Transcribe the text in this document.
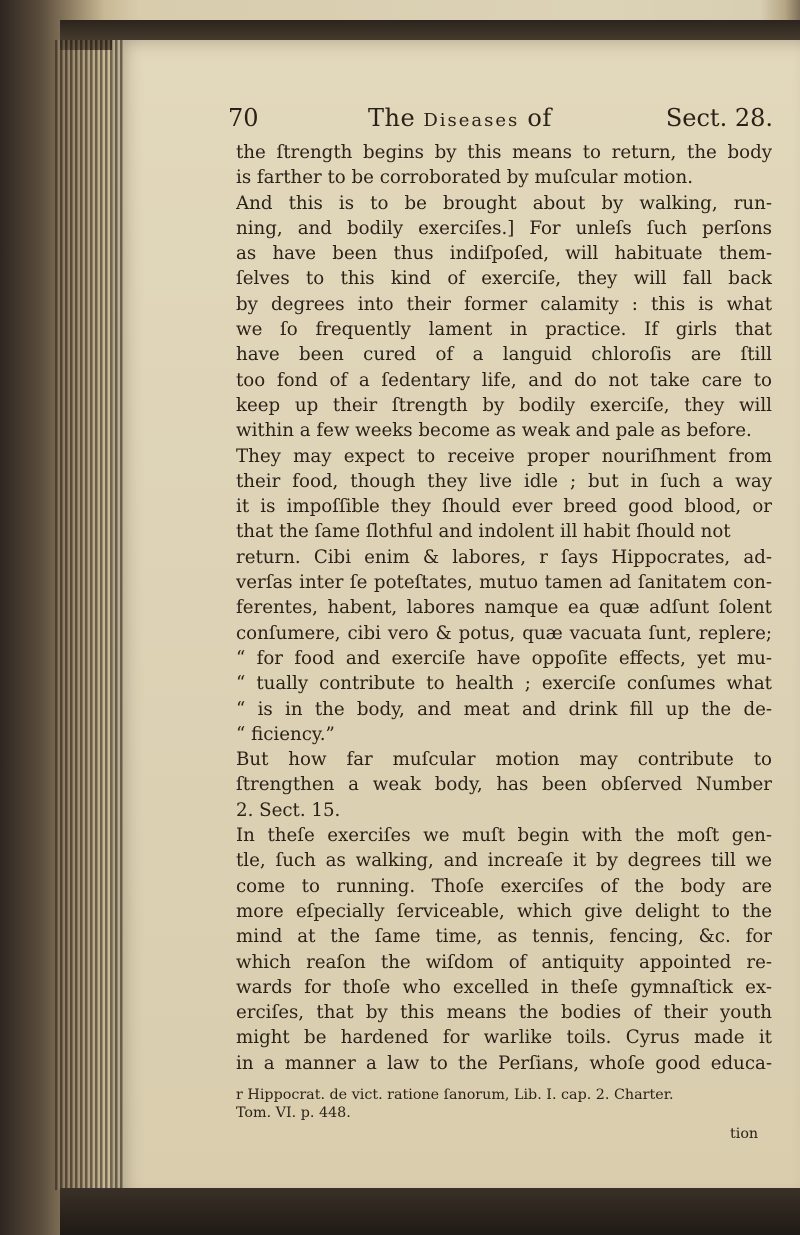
70	The Diseases of	Sect. 28.
the ſtrength begins by this means to return, the body
is farther to be corroborated by muſcular motion.
And this is to be brought about by walking, run-
ning, and bodily exerciſes.] For unleſs ſuch perſons
as have been thus indiſpoſed, will habituate them-
ſelves to this kind of exerciſe, they will fall back
by degrees into their former calamity : this is what
we ſo frequently lament in practice. If girls that
have been cured of a languid chloroſis are ſtill
too fond of a ſedentary life, and do not take care to
keep up their ſtrength by bodily exerciſe, they will
within a few weeks become as weak and pale as before.
They may expect to receive proper nouriſhment from
their food, though they live idle ; but in ſuch a way
it is impoſſible they ſhould ever breed good blood, or
that the ſame ſlothful and indolent ill habit ſhould not
return. Cibi enim & labores, r ſays Hippocrates, ad-
verſas inter ſe poteſtates, mutuo tamen ad ſanitatem con-
ferentes, habent, labores namque ea quæ adſunt ſolent
conſumere, cibi vero & potus, quæ vacuata ſunt, replere;
“ for food and exerciſe have oppoſite effects, yet mu-
“ tually contribute to health ; exerciſe conſumes what
“ is in the body, and meat and drink fill up the de-
“ ficiency.”
But how far muſcular motion may contribute to
ſtrengthen a weak body, has been obſerved Number
2. Sect. 15.
In theſe exerciſes we muſt begin with the moſt gen-
tle, ſuch as walking, and increaſe it by degrees till we
come to running. Thoſe exerciſes of the body are
more eſpecially ſerviceable, which give delight to the
mind at the ſame time, as tennis, fencing, &c. for
which reaſon the wiſdom of antiquity appointed re-
wards for thoſe who excelled in theſe gymnaſtick ex-
erciſes, that by this means the bodies of their youth
might be hardened for warlike toils. Cyrus made it
in a manner a law to the Perſians, whoſe good educa-
r Hippocrat. de vict. ratione ſanorum, Lib. I. cap. 2. Charter.
Tom. VI. p. 448.
tion
